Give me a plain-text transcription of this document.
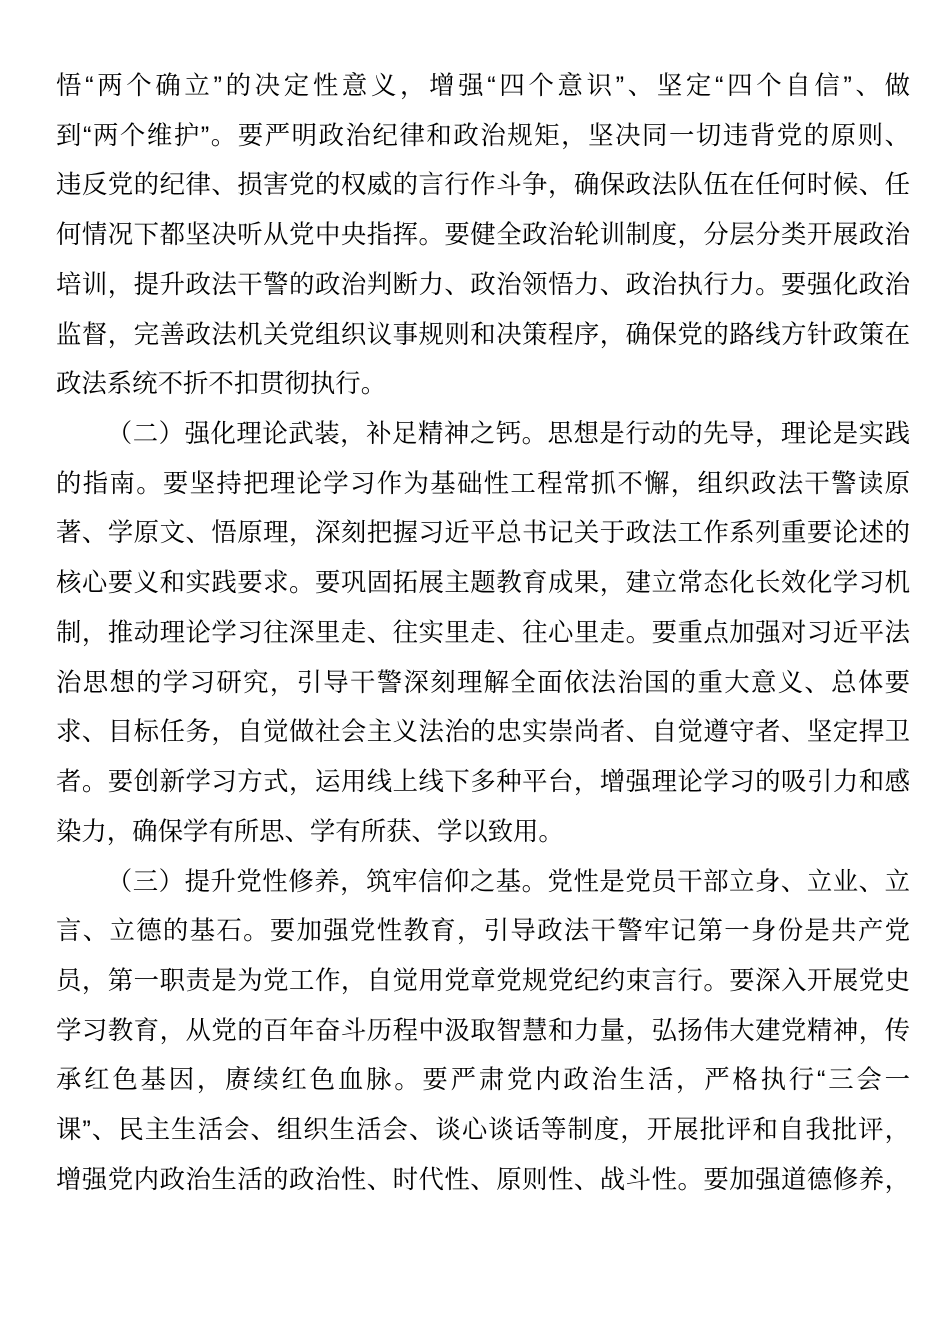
悟“两个确立”的决定性意义，增强“四个意识”、坚定“四个自信”、做
到“两个维护”。要严明政治纪律和政治规矩，坚决同一切违背党的原则、
违反党的纪律、损害党的权威的言行作斗争，确保政法队伍在任何时候、任
何情况下都坚决听从党中央指挥。要健全政治轮训制度，分层分类开展政治
培训，提升政法干警的政治判断力、政治领悟力、政治执行力。要强化政治
监督，完善政法机关党组织议事规则和决策程序，确保党的路线方针政策在
政法系统不折不扣贯彻执行。
（二）强化理论武装，补足精神之钙。思想是行动的先导，理论是实践
的指南。要坚持把理论学习作为基础性工程常抓不懈，组织政法干警读原
著、学原文、悟原理，深刻把握习近平总书记关于政法工作系列重要论述的
核心要义和实践要求。要巩固拓展主题教育成果，建立常态化长效化学习机
制，推动理论学习往深里走、往实里走、往心里走。要重点加强对习近平法
治思想的学习研究，引导干警深刻理解全面依法治国的重大意义、总体要
求、目标任务，自觉做社会主义法治的忠实崇尚者、自觉遵守者、坚定捍卫
者。要创新学习方式，运用线上线下多种平台，增强理论学习的吸引力和感
染力，确保学有所思、学有所获、学以致用。
（三）提升党性修养，筑牢信仰之基。党性是党员干部立身、立业、立
言、立德的基石。要加强党性教育，引导政法干警牢记第一身份是共产党
员，第一职责是为党工作，自觉用党章党规党纪约束言行。要深入开展党史
学习教育，从党的百年奋斗历程中汲取智慧和力量，弘扬伟大建党精神，传
承红色基因，赓续红色血脉。要严肃党内政治生活，严格执行“三会一
课”、民主生活会、组织生活会、谈心谈话等制度，开展批评和自我批评，
增强党内政治生活的政治性、时代性、原则性、战斗性。要加强道德修养，
